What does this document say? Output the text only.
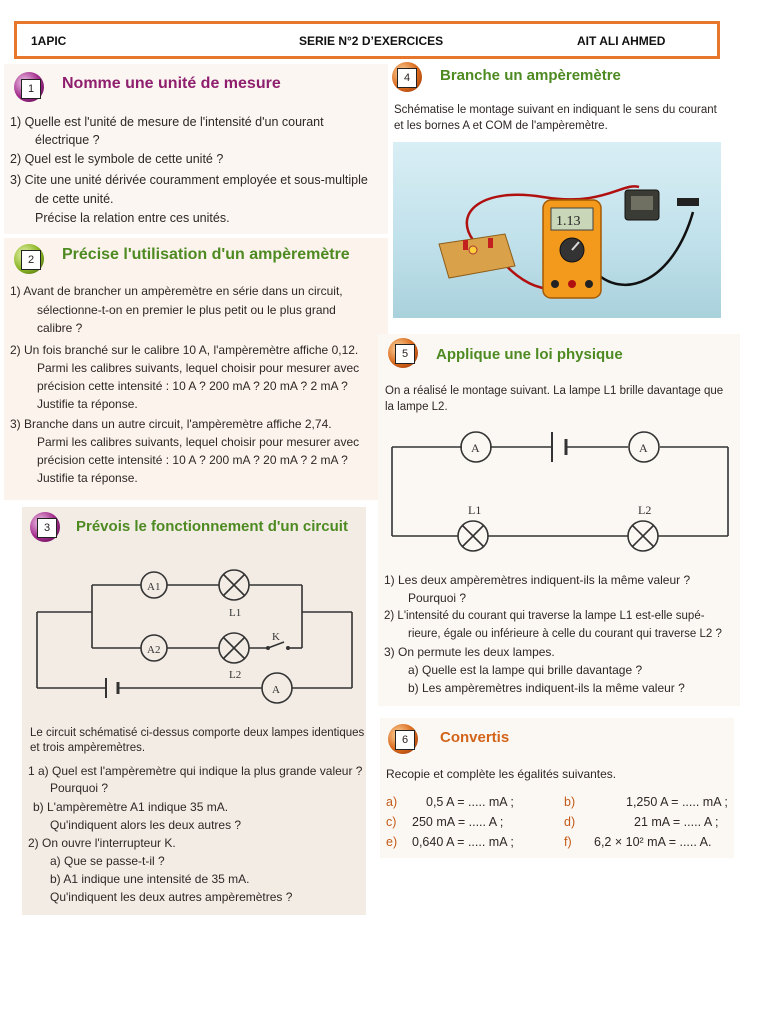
1APIC	SERIE N°2 D’EXERCICES	AIT ALI AHMED
1	Nomme une unité de mesure
1) Quelle est l'unité de mesure de l'intensité d'un courant
électrique ?
2) Quel est le symbole de cette unité ?
3) Cite une unité dérivée couramment employée et sous-multiple
de cette unité.
Précise la relation entre ces unités.
2	Précise l'utilisation d'un ampèremètre
1) Avant de brancher un ampèremètre en série dans un circuit,
sélectionne-t-on en premier le plus petit ou le plus grand
calibre ?
2) Un fois branché sur le calibre 10 A, l'ampèremètre affiche 0,12.
Parmi les calibres suivants, lequel choisir pour mesurer avec
précision cette intensité : 10 A ? 200 mA ? 20 mA ? 2 mA ?
Justifie ta réponse.
3) Branche dans un autre circuit, l'ampèremètre affiche 2,74.
Parmi les calibres suivants, lequel choisir pour mesurer avec
précision cette intensité : 10 A ? 200 mA ? 20 mA ? 2 mA ?
Justifie ta réponse.
3	Prévois le fonctionnement d'un circuit
A1
A2
A
L1
L2
K
Le circuit schématisé ci-dessus comporte deux lampes identiques
et trois ampèremètres.
1 a) Quel est l'ampèremètre qui indique la plus grande valeur ?
Pourquoi ?
b) L'ampèremètre A1 indique 35 mA.
Qu'indiquent alors les deux autres ?
2) On ouvre l'interrupteur K.
a) Que se passe-t-il ?
b) A1 indique une intensité de 35 mA.
Qu'indiquent les deux autres ampèremètres ?
4	Branche un ampèremètre
Schématise le montage suivant en indiquant le sens du courant
et les bornes A et COM de l'ampèremètre.
1.13
5	Applique une loi physique
On a réalisé le montage suivant. La lampe L1 brille davantage que
la lampe L2.
A	A
L1	L2
1) Les deux ampèremètres indiquent-ils la même valeur ?
Pourquoi ?
2) L'intensité du courant qui traverse la lampe L1 est-elle supé-
rieure, égale ou inférieure à celle du courant qui traverse L2 ?
3) On permute les deux lampes.
a) Quelle est la lampe qui brille davantage ?
b) Les ampèremètres indiquent-ils la même valeur ?
6	Convertis
Recopie et complète les égalités suivantes.
a) 0,5 A = ..... mA ;	b)	1,250 A = ..... mA ;
c) 250 mA = ..... A ;	d)	21 mA = ..... A ;
e) 0,640 A = ..... mA ;	f) 6,2 × 10² mA = ..... A.
